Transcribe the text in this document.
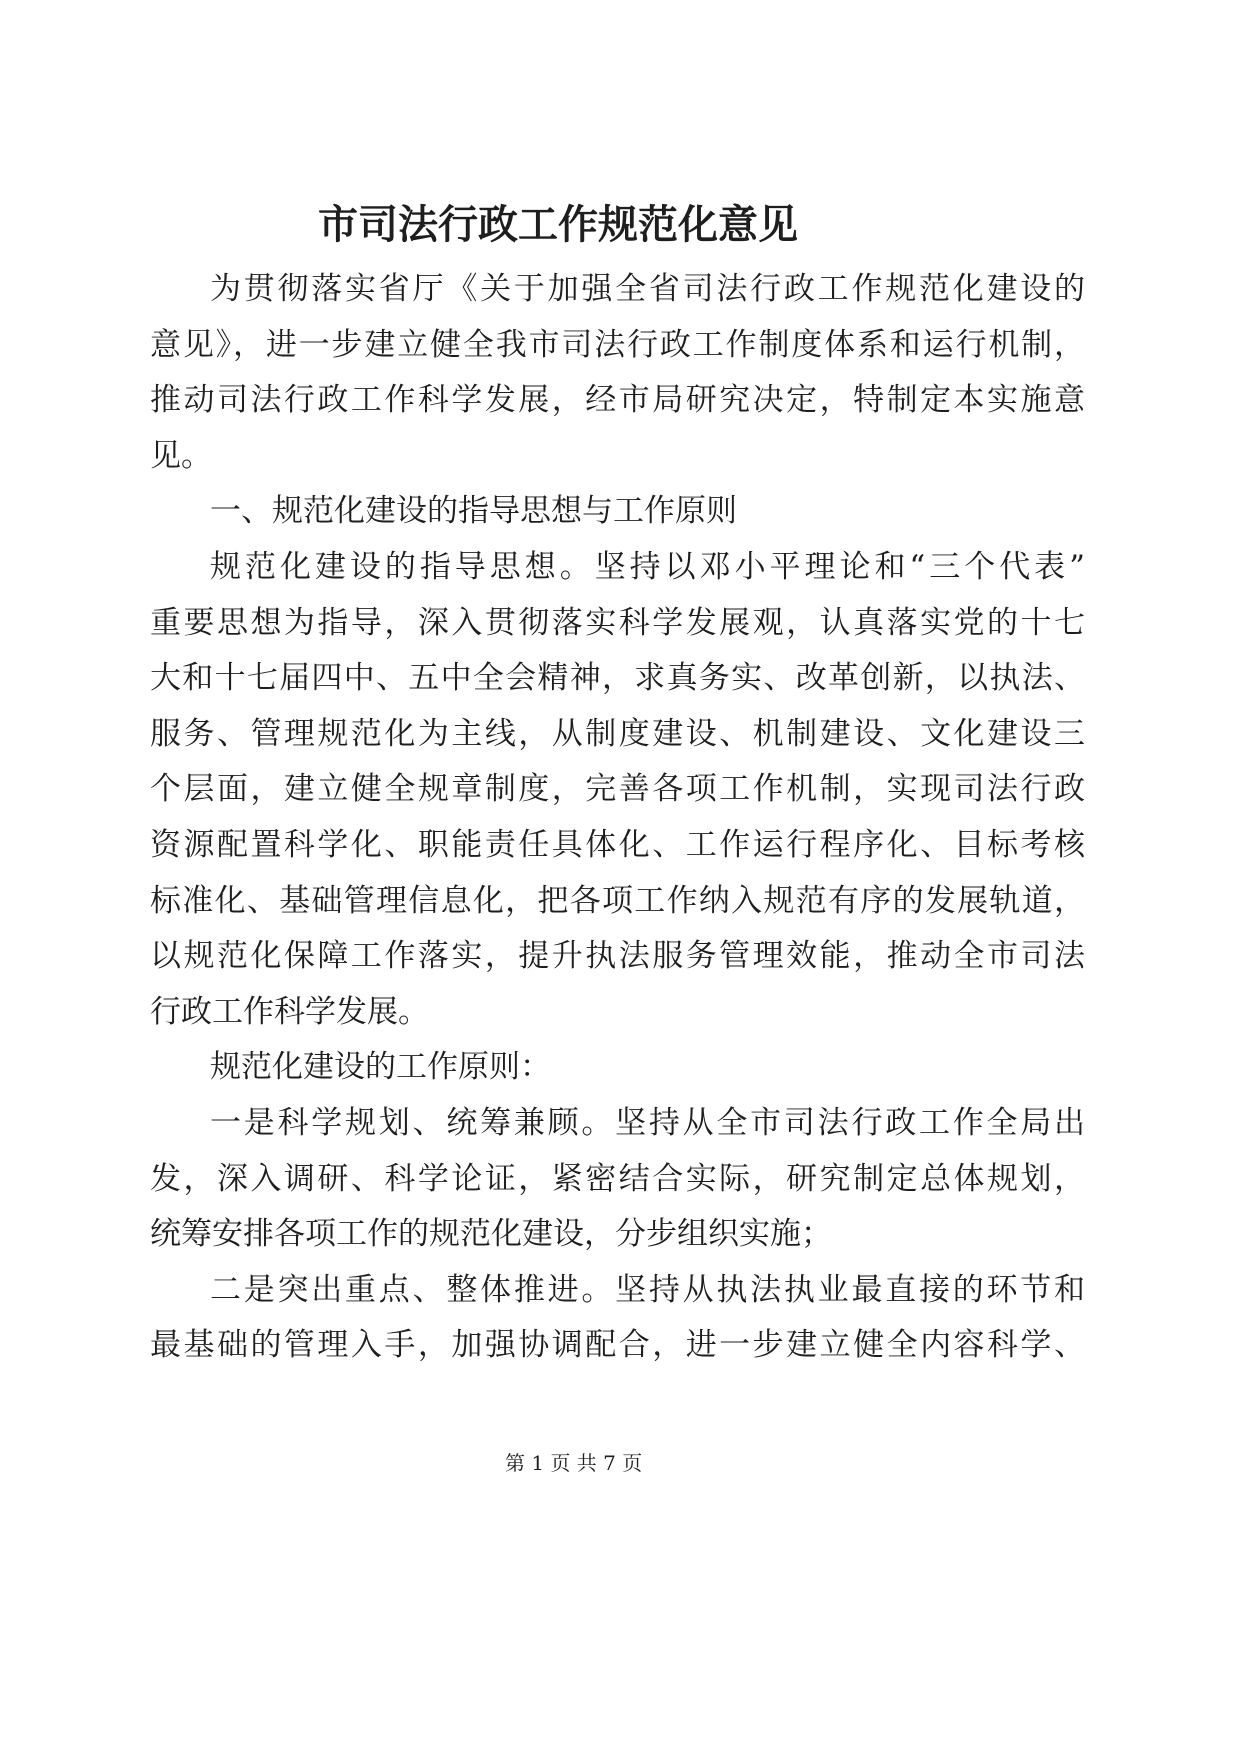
市司法行政工作规范化意见
为贯彻落实省厅《关于加强全省司法行政工作规范化建设的
意见》，进一步建立健全我市司法行政工作制度体系和运行机制，
推动司法行政工作科学发展，经市局研究决定，特制定本实施意
见。
一、规范化建设的指导思想与工作原则
规范化建设的指导思想。坚持以邓小平理论和“三个代表”
重要思想为指导，深入贯彻落实科学发展观，认真落实党的十七
大和十七届四中、五中全会精神，求真务实、改革创新，以执法、
服务、管理规范化为主线，从制度建设、机制建设、文化建设三
个层面，建立健全规章制度，完善各项工作机制，实现司法行政
资源配置科学化、职能责任具体化、工作运行程序化、目标考核
标准化、基础管理信息化，把各项工作纳入规范有序的发展轨道，
以规范化保障工作落实，提升执法服务管理效能，推动全市司法
行政工作科学发展。
规范化建设的工作原则：
一是科学规划、统筹兼顾。坚持从全市司法行政工作全局出
发，深入调研、科学论证，紧密结合实际，研究制定总体规划，
统筹安排各项工作的规范化建设，分步组织实施；
二是突出重点、整体推进。坚持从执法执业最直接的环节和
最基础的管理入手，加强协调配合，进一步建立健全内容科学、
第 1 页 共 7 页
